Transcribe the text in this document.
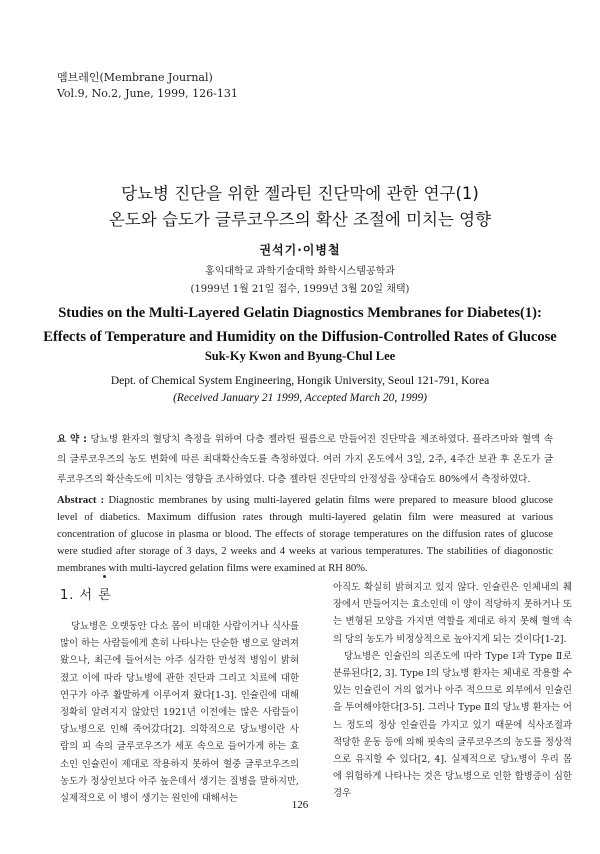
멤브레인(Membrane Journal)
Vol.9, No.2, June, 1999, 126-131
당뇨병 진단을 위한 젤라틴 진단막에 관한 연구(1)
온도와 습도가 글루코우즈의 확산 조절에 미치는 영향
권석기·이병철
홍익대학교 과학기술대학 화학시스템공학과
(1999년 1월 21일 접수, 1999년 3월 20일 채택)
Studies on the Multi-Layered Gelatin Diagnostics Membranes for Diabetes(1):
Effects of Temperature and Humidity on the Diffusion-Controlled Rates of Glucose
Suk-Ky Kwon and Byung-Chul Lee
Dept. of Chemical System Engineering, Hongik University, Seoul 121-791, Korea
(Received January 21 1999, Accepted March 20, 1999)
요 약 : 당뇨병 환자의 혈당치 측정을 위하여 다층 젤라틴 필름으로 만들어진 진단막을 제조하였다. 플라즈마와 혈액 속의 글루코우즈의 농도 변화에 따른 최대확산속도를 측정하였다. 여러 가지 온도에서 3일, 2주, 4주간 보관 후 온도가 글루코우즈의 확산속도에 미치는 영향을 조사하였다. 다층 젤라틴 진단막의 안정성을 상대습도 80%에서 측정하였다.
Abstract : Diagnostic membranes by using multi-layered gelatin films were prepared to measure blood glucose level of diabetics. Maximum diffusion rates through multi-layered gelatin film were measured at various concentration of glucose in plasma or blood. The effects of storage temperatures on the diffusion rates of glucose were studied after storage of 3 days, 2 weeks and 4 weeks at various temperatures. The stabilities of diagonostic membranes with multi-laycred gelation films were examined at RH 80%.
1. 서 론

당뇨병은 오랫동안 다소 몸이 비대한 사람이거나 식사를 많이 하는 사람들에게 흔히 나타나는 단순한 병으로 알려져 왔으나, 최근에 들어서는 아주 심각한 만성적 병임이 밝혀졌고 이에 따라 당뇨병에 관한 진단과 그리고 치료에 대한 연구가 아주 활발하게 이루어져 왔다[1-3]. 인슐린에 대해 정확히 알려지지 않았던 1921년 이전에는 많은 사람들이 당뇨병으로 인해 죽어갔다[2]. 의학적으로 당뇨병이란 사람의 피 속의 글루코우즈가 세포 속으로 들어가게 하는 효소인 인슐린이 제대로 작용하지 못하여 혈중 글루코우즈의 농도가 정상인보다 아주 높은데서 생기는 질병을 말하지만, 실제적으로 이 병이 생기는 원인에 대해서는

아직도 확실히 밝혀지고 있지 않다. 인슐린은 인체내의 췌장에서 만들어지는 효소인데 이 양이 적당하지 못하거나 또는 변형된 모양을 가지면 역할을 제대로 하지 못해 혈액 속의 당의 농도가 비정상적으로 높아지게 되는 것이다[1-2].

당뇨병은 인슐린의 의존도에 따라 Type Ⅰ과 Type Ⅱ로 분류된다[2, 3]. Type Ⅰ의 당뇨병 환자는 체내로 작용할 수 있는 인슐린이 거의 없거나 아주 적으므로 외부에서 인슐린을 투여해야한다[3-5]. 그러나 Type Ⅱ의 당뇨병 환자는 어느 정도의 정상 인슐린을 가지고 있기 때문에 식사조절과 적당한 운동 등에 의해 핏속의 글루코우즈의 농도를 정상적으로 유지할 수 있다[2, 4]. 실제적으로 당뇨병이 우리 몸에 위험하게 나타나는 것은 당뇨병으로 인한 합병증이 심한 경우

126
